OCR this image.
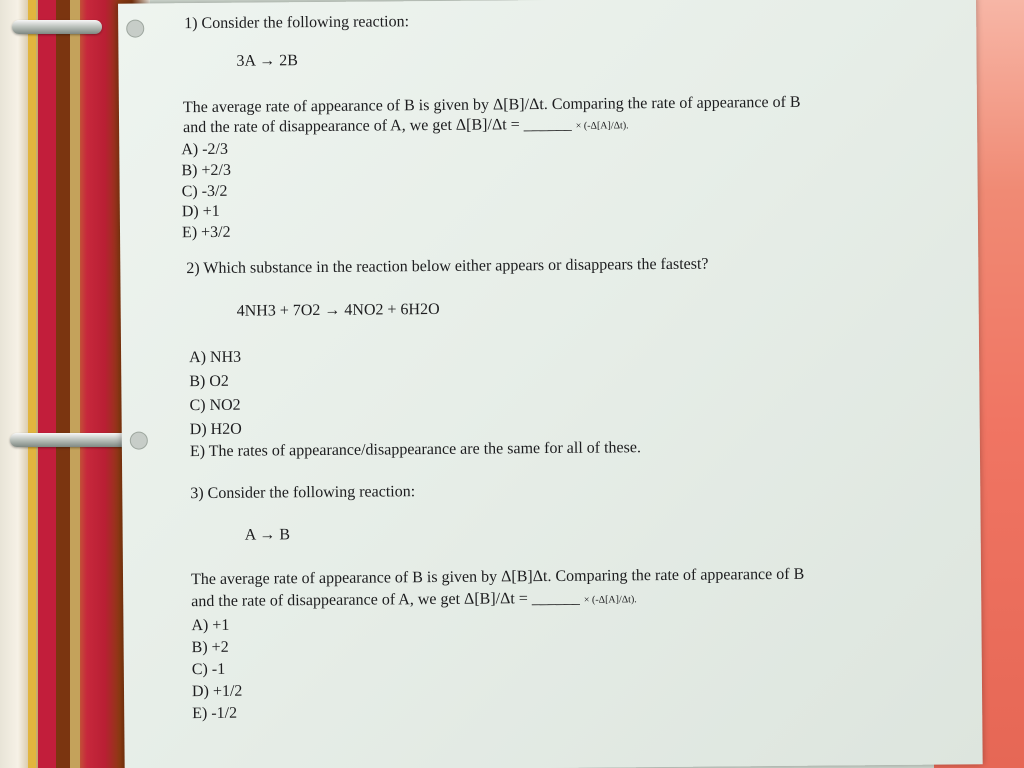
1) Consider the following reaction:
3A → 2B
The average rate of appearance of B is given by Δ[B]/Δt. Comparing the rate of appearance of B
and the rate of disappearance of A, we get Δ[B]/Δt = ______ × (-Δ[A]/Δt).
A) -2/3
B) +2/3
C) -3/2
D) +1
E) +3/2
2) Which substance in the reaction below either appears or disappears the fastest?
4NH3 + 7O2 → 4NO2 + 6H2O
A) NH3
B) O2
C) NO2
D) H2O
E) The rates of appearance/disappearance are the same for all of these.
3) Consider the following reaction:
A → B
The average rate of appearance of B is given by Δ[B]Δt. Comparing the rate of appearance of B
and the rate of disappearance of A, we get Δ[B]/Δt = ______ × (-Δ[A]/Δt).
A) +1
B) +2
C) -1
D) +1/2
E) -1/2
